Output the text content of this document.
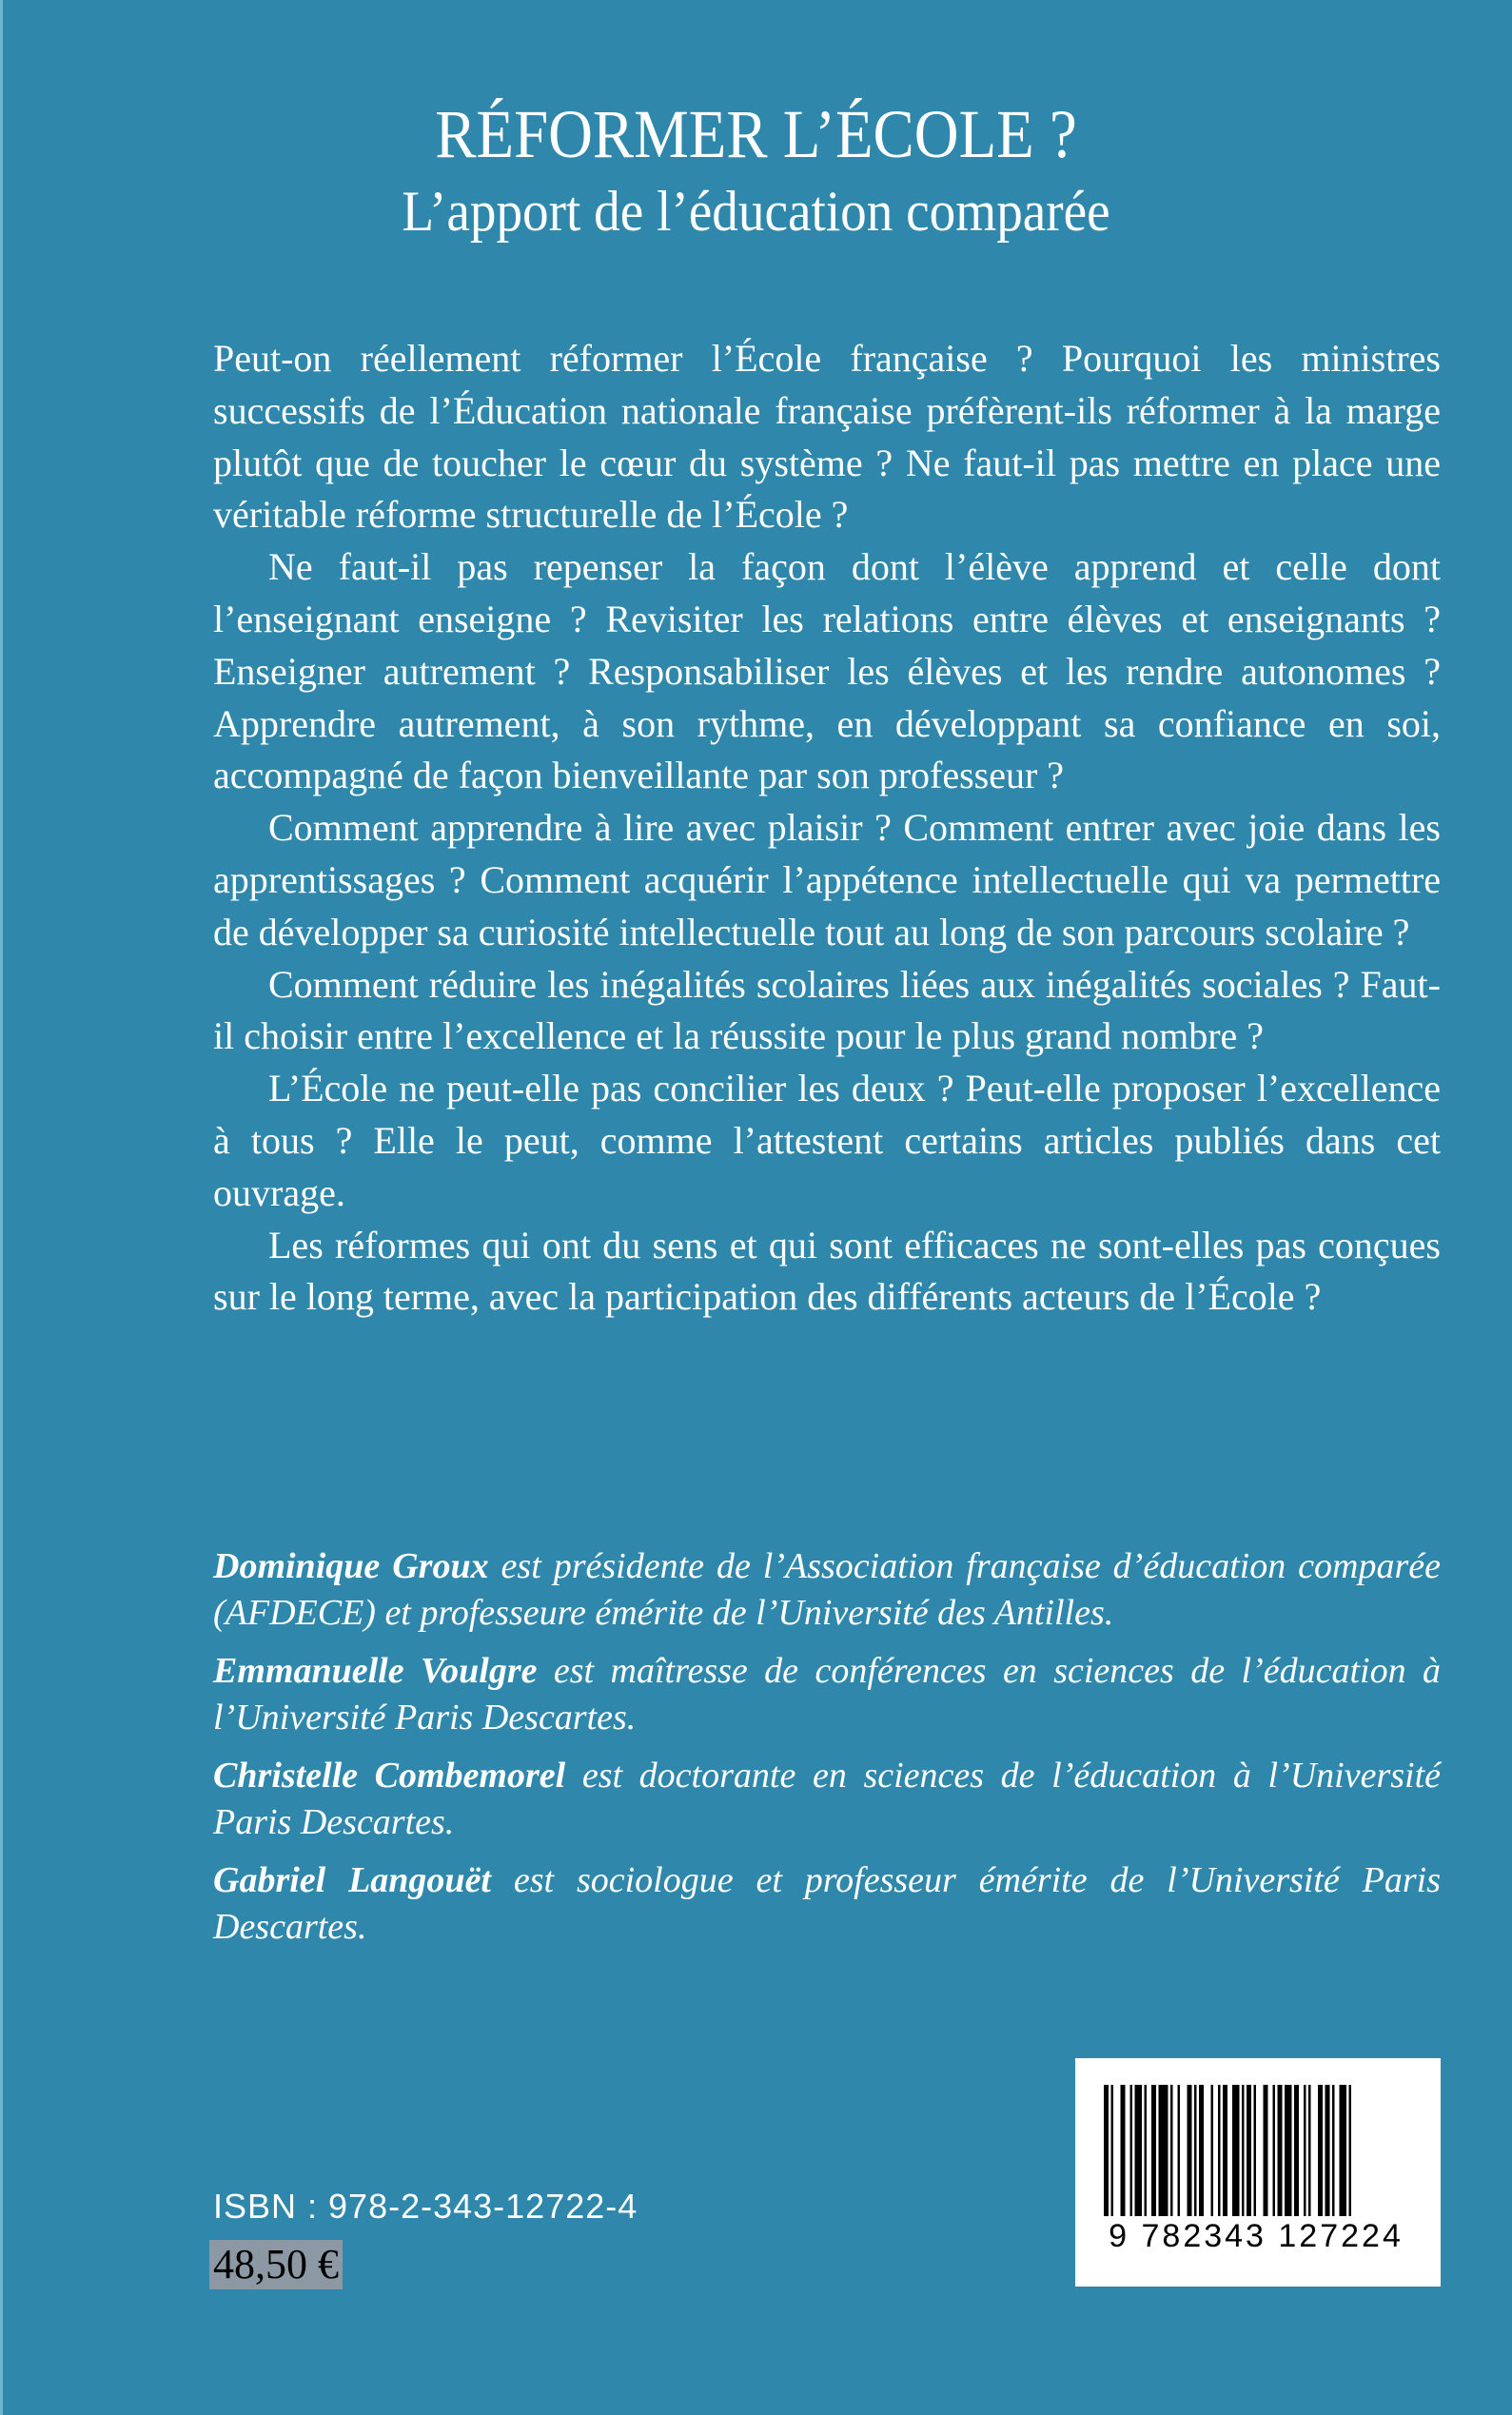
RÉFORMER L’ÉCOLE ?
L’apport de l’éducation comparée

Peut-on réellement réformer l’École française ? Pourquoi les ministres successifs de l’Éducation nationale française préfèrent-ils réformer à la marge plutôt que de toucher le cœur du système ? Ne faut-il pas mettre en place une véritable réforme structurelle de l’École ?

Ne faut-il pas repenser la façon dont l’élève apprend et celle dont l’enseignant enseigne ? Revisiter les relations entre élèves et enseignants ? Enseigner autrement ? Responsabiliser les élèves et les rendre autonomes ? Apprendre autrement, à son rythme, en développant sa confiance en soi, accompagné de façon bienveillante par son professeur ?

Comment apprendre à lire avec plaisir ? Comment entrer avec joie dans les apprentissages ? Comment acquérir l’appétence intellectuelle qui va permettre de développer sa curiosité intellectuelle tout au long de son parcours scolaire ?

Comment réduire les inégalités scolaires liées aux inégalités sociales ? Faut-il choisir entre l’excellence et la réussite pour le plus grand nombre ?

L’École ne peut-elle pas concilier les deux ? Peut-elle proposer l’excellence à tous ? Elle le peut, comme l’attestent certains articles publiés dans cet ouvrage.

Les réformes qui ont du sens et qui sont efficaces ne sont-elles pas conçues sur le long terme, avec la participation des différents acteurs de l’École ?

Dominique Groux est présidente de l’Association française d’éducation comparée (AFDECE) et professeure émérite de l’Université des Antilles.

Emmanuelle Voulgre est maîtresse de conférences en sciences de l’éducation à l’Université Paris Descartes.

Christelle Combemorel est doctorante en sciences de l’éducation à l’Université Paris Descartes.

Gabriel Langouët est sociologue et professeur émérite de l’Université Paris Descartes.

ISBN : 978-2-343-12722-4
48,50 €
9 782343 127224
